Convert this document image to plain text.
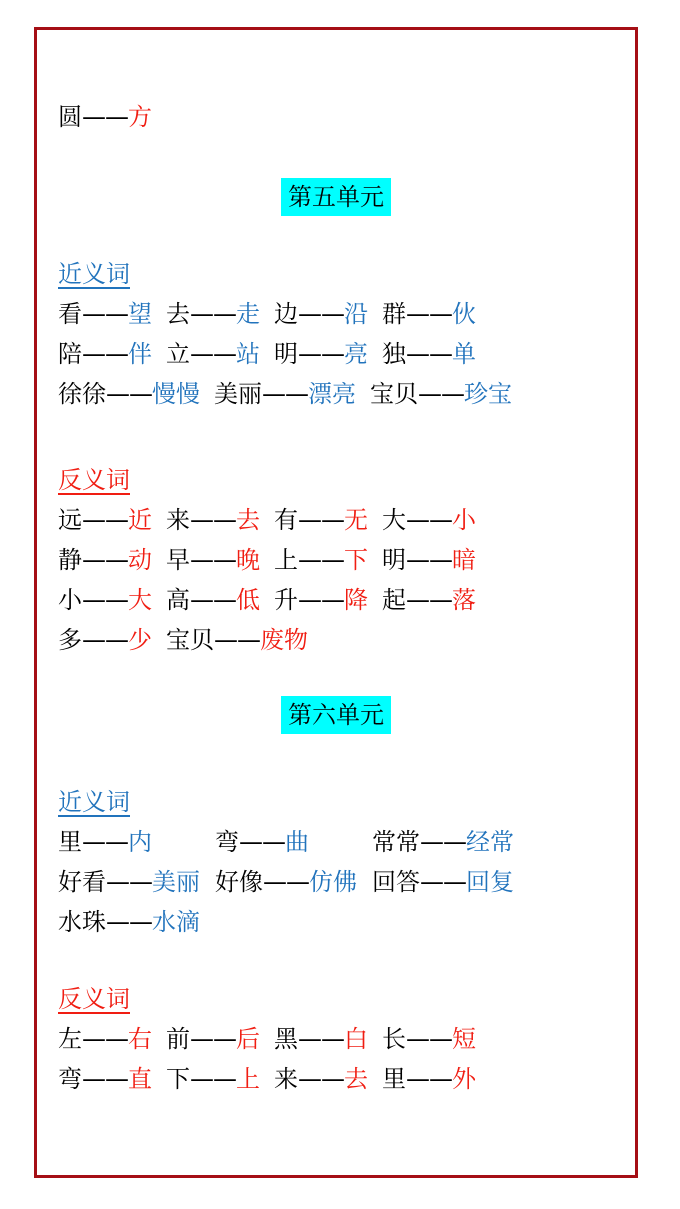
圆——方
第五单元
近义词
看——望 去——走 边——沿 群——伙
陪——伴 立——站 明——亮 独——单
徐徐——慢慢 美丽——漂亮 宝贝——珍宝
反义词
远——近 来——去 有——无 大——小
静——动 早——晚 上——下 明——暗
小——大 高——低 升——降 起——落
多——少 宝贝——废物
第六单元
近义词
里——内	弯——曲	常常——经常
好看——美丽 好像——仿佛 回答——回复
水珠——水滴
反义词
左——右 前——后 黑——白 长——短
弯——直 下——上 来——去 里——外
